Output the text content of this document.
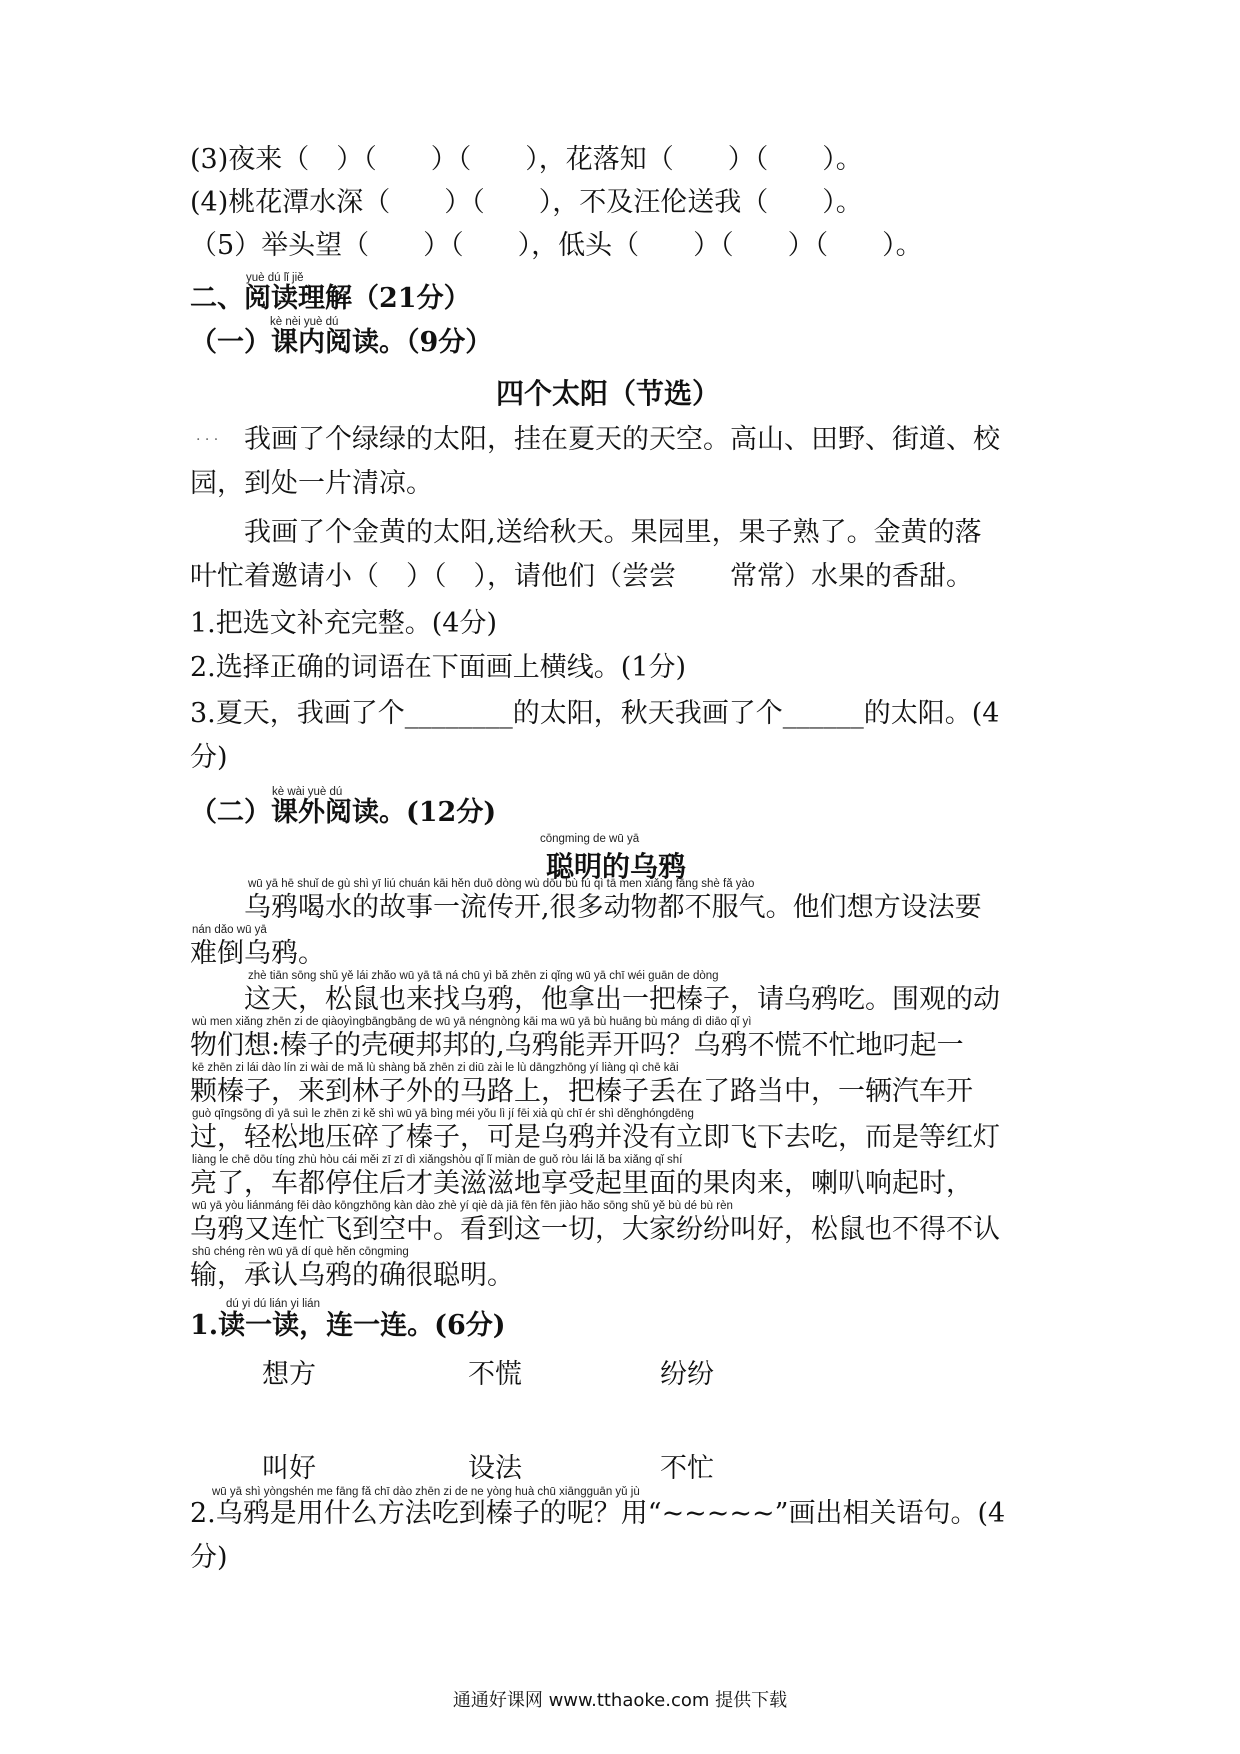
(3)夜来（　）（　　）（　　），花落知（　　）（　　）。
(4)桃花潭水深（　　）（　　），不及汪伦送我（　　）。
（5）举头望（　　）（　　），低头（　　）（　　）（　　）。
yuè dú lǐ jiě
二、阅读理解（21分）
kè nèi yuè dú
（一）课内阅读。（9分）
四个太阳（节选）
. . . 我画了个绿绿的太阳，挂在夏天的天空。高山、田野、街道、校
园，到处一片清凉。
我画了个金黄的太阳,送给秋天。果园里，果子熟了。金黄的落
叶忙着邀请小（　）（　），请他们（尝尝　　常常）水果的香甜。
1.把选文补充完整。(4分)
2.选择正确的词语在下面画上横线。(1分)
3.夏天，我画了个________的太阳，秋天我画了个______的太阳。(4
分)
kè wài yuè dú
（二）课外阅读。(12分)
cōngming de wū yā
聪明的乌鸦
wū yā hē shuǐ de gù shì yī liú chuán kāi hěn duō dòng wù dōu bù fú qì tā men xiǎng fāng shè fǎ yào
乌鸦喝水的故事一流传开,很多动物都不服气。他们想方设法要
nán dǎo wū yā
难倒乌鸦。
zhè tiān sōng shǔ yě lái zhǎo wū yā tā ná chū yì bǎ zhēn zi qǐng wū yā chī wéi guān de dòng
　　这天，松鼠也来找乌鸦，他拿出一把榛子，请乌鸦吃。围观的动
wù men xiǎng zhēn zi de qiàoyìngbāngbāng de wū yā néngnòng kāi ma wū yā bù huāng bù máng dì diāo qǐ yì
物们想:榛子的壳硬邦邦的,乌鸦能弄开吗？乌鸦不慌不忙地叼起一
kē zhēn zi lái dào lín zi wài de mǎ lù shàng bǎ zhēn zi diū zài le lù dāngzhōng yí liàng qì chē kāi
颗榛子，来到林子外的马路上，把榛子丢在了路当中，一辆汽车开
guò qīngsōng dì yā suì le zhēn zi kě shì wū yā bìng méi yǒu lì jí fēi xià qù chī ér shì děnghóngdēng
过，轻松地压碎了榛子，可是乌鸦并没有立即飞下去吃，而是等红灯
liàng le chē dōu tíng zhù hòu cái měi zī zī dì xiǎngshòu qǐ lǐ miàn de guǒ ròu lái lǎ ba xiǎng qǐ shí
亮了，车都停住后才美滋滋地享受起里面的果肉来，喇叭响起时，
wū yā yòu liánmáng fēi dào kōngzhōng kàn dào zhè yí qiè dà jiā fēn fēn jiào hǎo sōng shǔ yě bù dé bù rèn
乌鸦又连忙飞到空中。看到这一切，大家纷纷叫好，松鼠也不得不认
shū chéng rèn wū yā dí què hěn cōngming
输，承认乌鸦的确很聪明。
dú yi dú lián yi lián
1.读一读，连一连。(6分)
想方	不慌	纷纷
叫好	设法	不忙
wū yā shì yòngshén me fāng fǎ chī dào zhēn zi de ne yòng huà chū xiāngguān yǔ jù
2.乌鸦是用什么方法吃到榛子的呢？用“~~~~~”画出相关语句。(4
分)
通通好课网 www.tthaoke.com 提供下载
